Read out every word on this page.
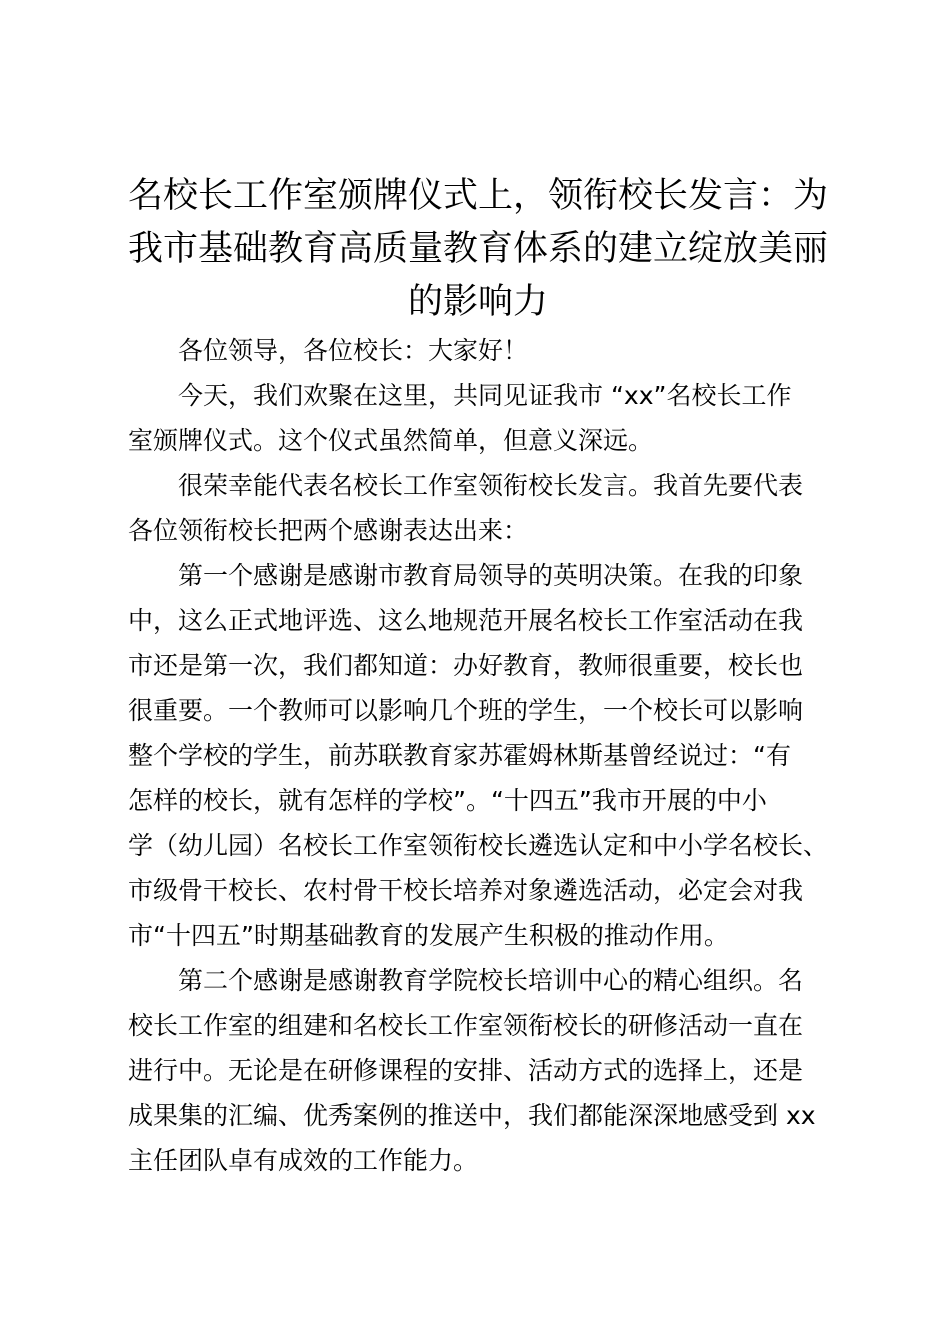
名校长工作室颁牌仪式上，领衔校长发言：为
我市基础教育高质量教育体系的建立绽放美丽
的影响力
各位领导，各位校长：大家好！
今天，我们欢聚在这里，共同见证我市 “xx”名校长工作
室颁牌仪式。这个仪式虽然简单，但意义深远。
很荣幸能代表名校长工作室领衔校长发言。我首先要代表
各位领衔校长把两个感谢表达出来：
第一个感谢是感谢市教育局领导的英明决策。在我的印象
中，这么正式地评选、这么地规范开展名校长工作室活动在我
市还是第一次，我们都知道：办好教育，教师很重要，校长也
很重要。一个教师可以影响几个班的学生，一个校长可以影响
整个学校的学生，前苏联教育家苏霍姆林斯基曾经说过：“有
怎样的校长，就有怎样的学校”。“十四五”我市开展的中小
学（幼儿园）名校长工作室领衔校长遴选认定和中小学名校长、
市级骨干校长、农村骨干校长培养对象遴选活动，必定会对我
市“十四五”时期基础教育的发展产生积极的推动作用。
第二个感谢是感谢教育学院校长培训中心的精心组织。名
校长工作室的组建和名校长工作室领衔校长的研修活动一直在
进行中。无论是在研修课程的安排、活动方式的选择上，还是
成果集的汇编、优秀案例的推送中，我们都能深深地感受到 xx
主任团队卓有成效的工作能力。
